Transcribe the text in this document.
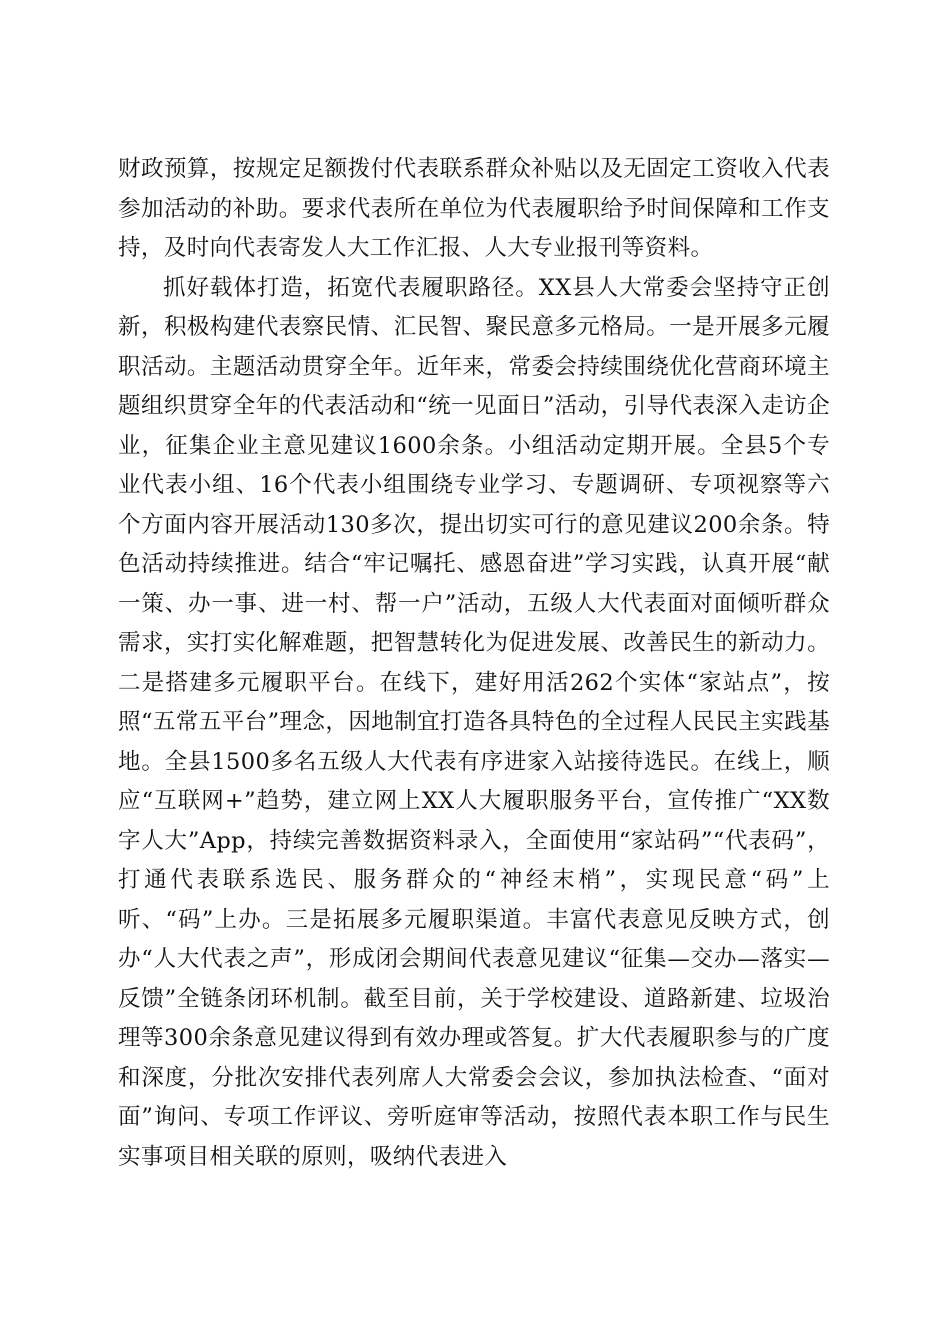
财政预算，按规定足额拨付代表联系群众补贴以及无固定工资收入代表参加活动的补助。要求代表所在单位为代表履职给予时间保障和工作支持，及时向代表寄发人大工作汇报、人大专业报刊等资料。

抓好载体打造，拓宽代表履职路径。XX县人大常委会坚持守正创新，积极构建代表察民情、汇民智、聚民意多元格局。一是开展多元履职活动。主题活动贯穿全年。近年来，常委会持续围绕优化营商环境主题组织贯穿全年的代表活动和“统一见面日”活动，引导代表深入走访企业，征集企业主意见建议1600余条。小组活动定期开展。全县5个专业代表小组、16个代表小组围绕专业学习、专题调研、专项视察等六个方面内容开展活动130多次，提出切实可行的意见建议200余条。特色活动持续推进。结合“牢记嘱托、感恩奋进”学习实践，认真开展“献一策、办一事、进一村、帮一户”活动，五级人大代表面对面倾听群众需求，实打实化解难题，把智慧转化为促进发展、改善民生的新动力。二是搭建多元履职平台。在线下，建好用活262个实体“家站点”，按照“五常五平台”理念，因地制宜打造各具特色的全过程人民民主实践基地。全县1500多名五级人大代表有序进家入站接待选民。在线上，顺应“互联网+”趋势，建立网上XX人大履职服务平台，宣传推广“XX数字人大”App，持续完善数据资料录入，全面使用“家站码”“代表码”，打通代表联系选民、服务群众的“神经末梢”，实现民意“码”上听、“码”上办。三是拓展多元履职渠道。丰富代表意见反映方式，创办“人大代表之声”，形成闭会期间代表意见建议“征集—交办—落实—反馈”全链条闭环机制。截至目前，关于学校建设、道路新建、垃圾治理等300余条意见建议得到有效办理或答复。扩大代表履职参与的广度和深度，分批次安排代表列席人大常委会会议，参加执法检查、“面对面”询问、专项工作评议、旁听庭审等活动，按照代表本职工作与民生实事项目相关联的原则，吸纳代表进入
